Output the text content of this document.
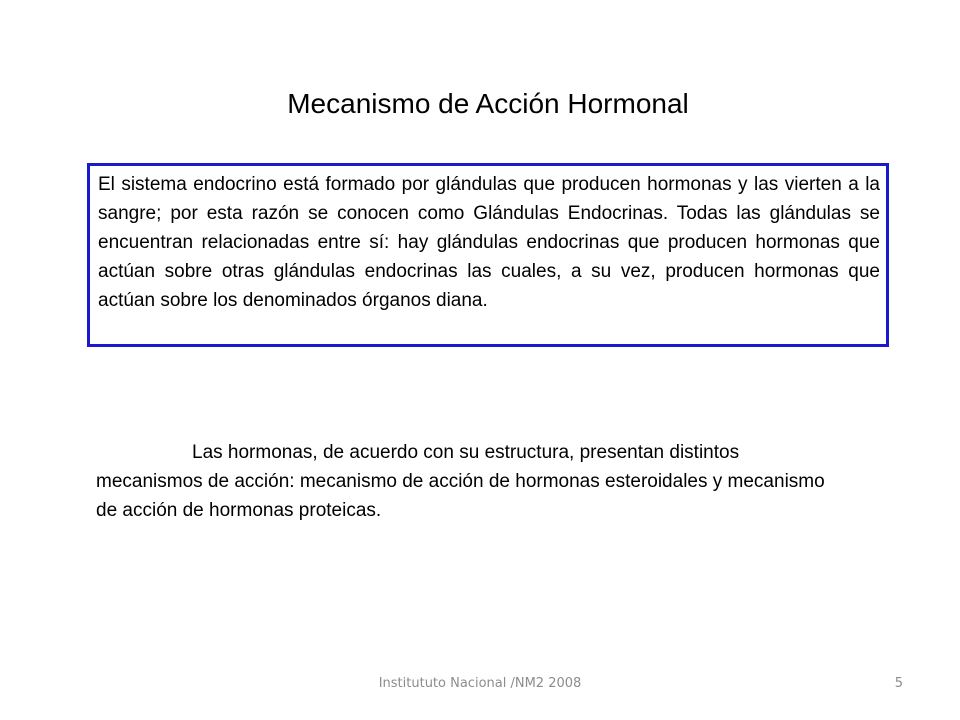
Mecanismo de Acción Hormonal

El sistema endocrino está formado por glándulas que producen hormonas y las vierten a la sangre; por esta razón se conocen como Glándulas Endocrinas. Todas las glándulas se encuentran relacionadas entre sí: hay glándulas endocrinas que producen hormonas que actúan sobre otras glándulas endocrinas las cuales, a su vez, producen hormonas que actúan sobre los denominados órganos diana.

Las hormonas, de acuerdo con su estructura, presentan distintos mecanismos de acción: mecanismo de acción de hormonas esteroidales y mecanismo de acción de hormonas proteicas.

Institututo Nacional /NM2 2008	5
